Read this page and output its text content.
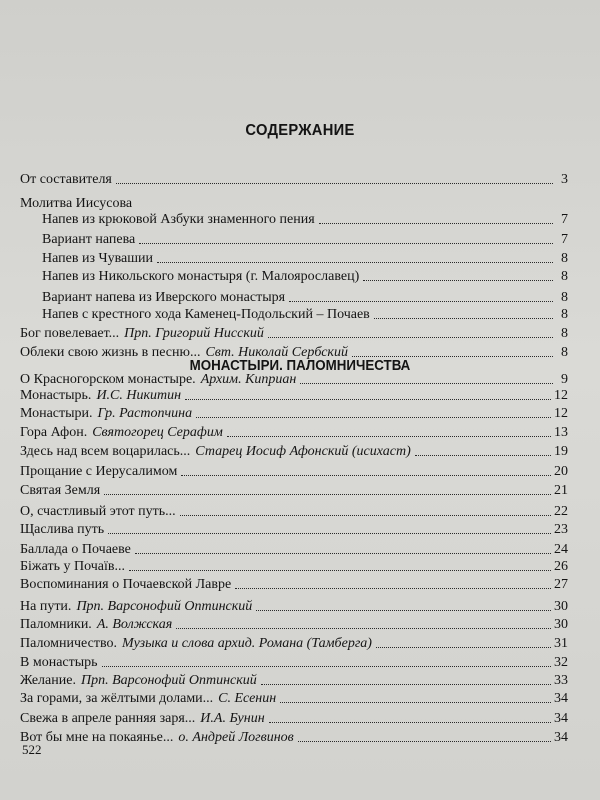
СОДЕРЖАНИЕ
МОНАСТЫРИ. ПАЛОМНИЧЕСТВА
От составителя	3
Молитва Иисусова
Напев из крюковой Азбуки знаменного пения	7
Вариант напева	7
Напев из Чувашии	8
Напев из Никольского монастыря (г. Малоярославец)	8
Вариант напева из Иверского монастыря	8
Напев с крестного хода Каменец-Подольский – Почаев	8
Бог повелевает... Прп. Григорий Нисский	8
Облеки свою жизнь в песню... Свт. Николай Сербский	8
О Красногорском монастыре. Архим. Киприан	9
Монастырь. И.С. Никитин	12
Монастыри. Гр. Растопчина	12
Гора Афон. Святогорец Серафим	13
Здесь над всем воцарилась... Старец Иосиф Афонский (исихаст)	19
Прощание с Иерусалимом	20
Святая Земля	21
О, счастливый этот путь...	22
Щаслива путь	23
Баллада о Почаеве	24
Біжать у Почаїв...	26
Воспоминания о Почаевской Лавре	27
На пути. Прп. Варсонофий Оптинский	30
Паломники. А. Волжская	30
Паломничество. Музыка и слова архид. Романа (Тамберга)	31
В монастырь	32
Желание. Прп. Варсонофий Оптинский	33
За горами, за жёлтыми долами... С. Есенин	34
Свежа в апреле ранняя заря... И.А. Бунин	34
Вот бы мне на покаянье... о. Андрей Логвинов	34
522
